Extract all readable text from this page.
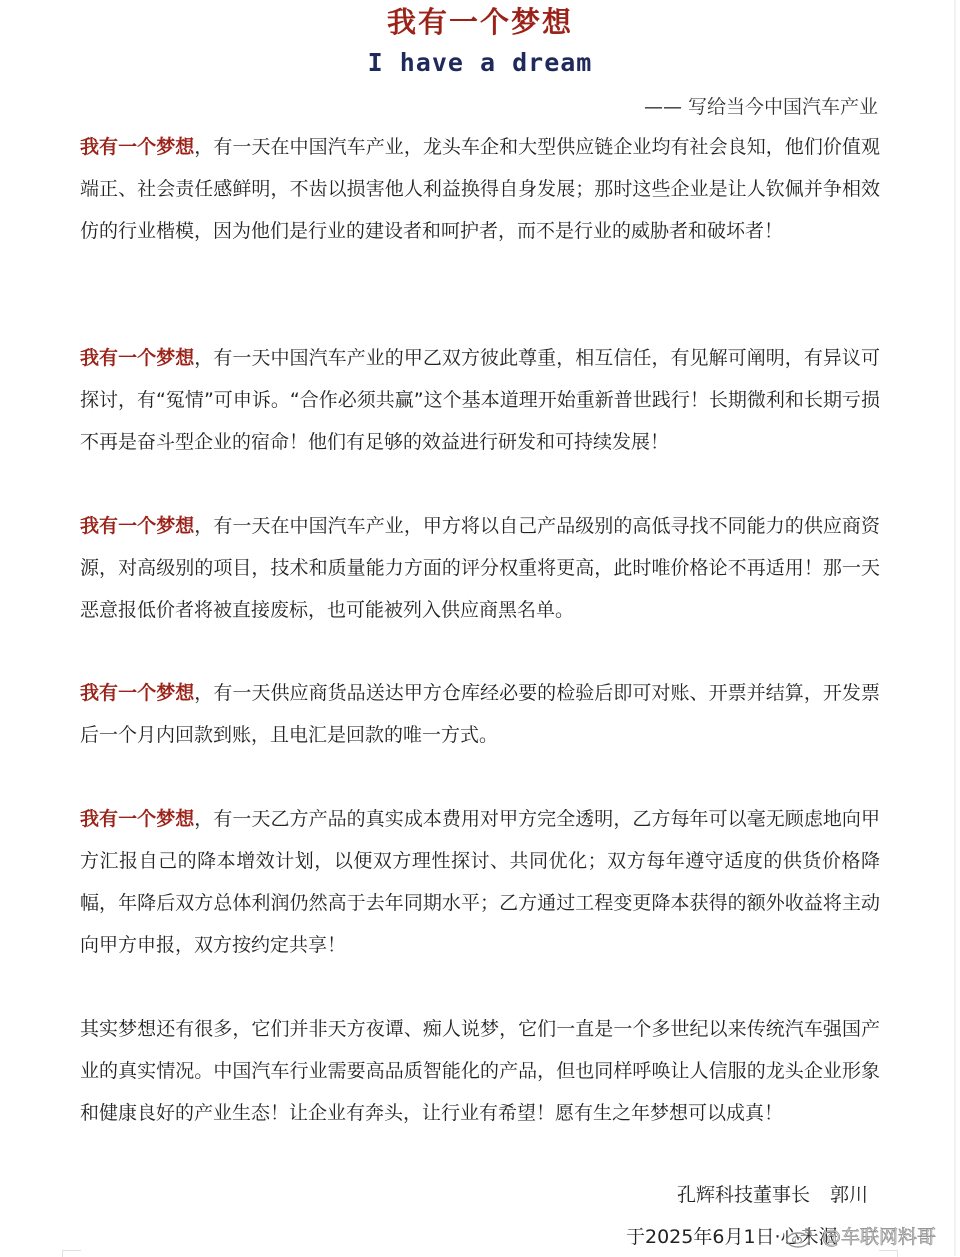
我有一个梦想
I have a dream
—— 写给当今中国汽车产业
我有一个梦想，有一天在中国汽车产业，龙头车企和大型供应链企业均有社会良知，他们价值观端正、社会责任感鲜明，不齿以损害他人利益换得自身发展；那时这些企业是让人钦佩并争相效仿的行业楷模，因为他们是行业的建设者和呵护者，而不是行业的威胁者和破坏者！
我有一个梦想，有一天中国汽车产业的甲乙双方彼此尊重，相互信任，有见解可阐明，有异议可探讨，有“冤情”可申诉。“合作必须共赢”这个基本道理开始重新普世践行！长期微利和长期亏损不再是奋斗型企业的宿命！他们有足够的效益进行研发和可持续发展！
我有一个梦想，有一天在中国汽车产业，甲方将以自己产品级别的高低寻找不同能力的供应商资源，对高级别的项目，技术和质量能力方面的评分权重将更高，此时唯价格论不再适用！那一天恶意报低价者将被直接废标，也可能被列入供应商黑名单。
我有一个梦想，有一天供应商货品送达甲方仓库经必要的检验后即可对账、开票并结算，开发票后一个月内回款到账，且电汇是回款的唯一方式。
我有一个梦想，有一天乙方产品的真实成本费用对甲方完全透明，乙方每年可以毫无顾虑地向甲方汇报自己的降本增效计划，以便双方理性探讨、共同优化；双方每年遵守适度的供货价格降幅，年降后双方总体利润仍然高于去年同期水平；乙方通过工程变更降本获得的额外收益将主动向甲方申报，双方按约定共享！
其实梦想还有很多，它们并非天方夜谭、痴人说梦，它们一直是一个多世纪以来传统汽车强国产业的真实情况。中国汽车行业需要高品质智能化的产品，但也同样呼唤让人信服的龙头企业形象和健康良好的产业生态！让企业有奔头，让行业有希望！愿有生之年梦想可以成真！
孔辉科技董事长 郭川
于2025年6月1日·心未泯
@车联网料哥
